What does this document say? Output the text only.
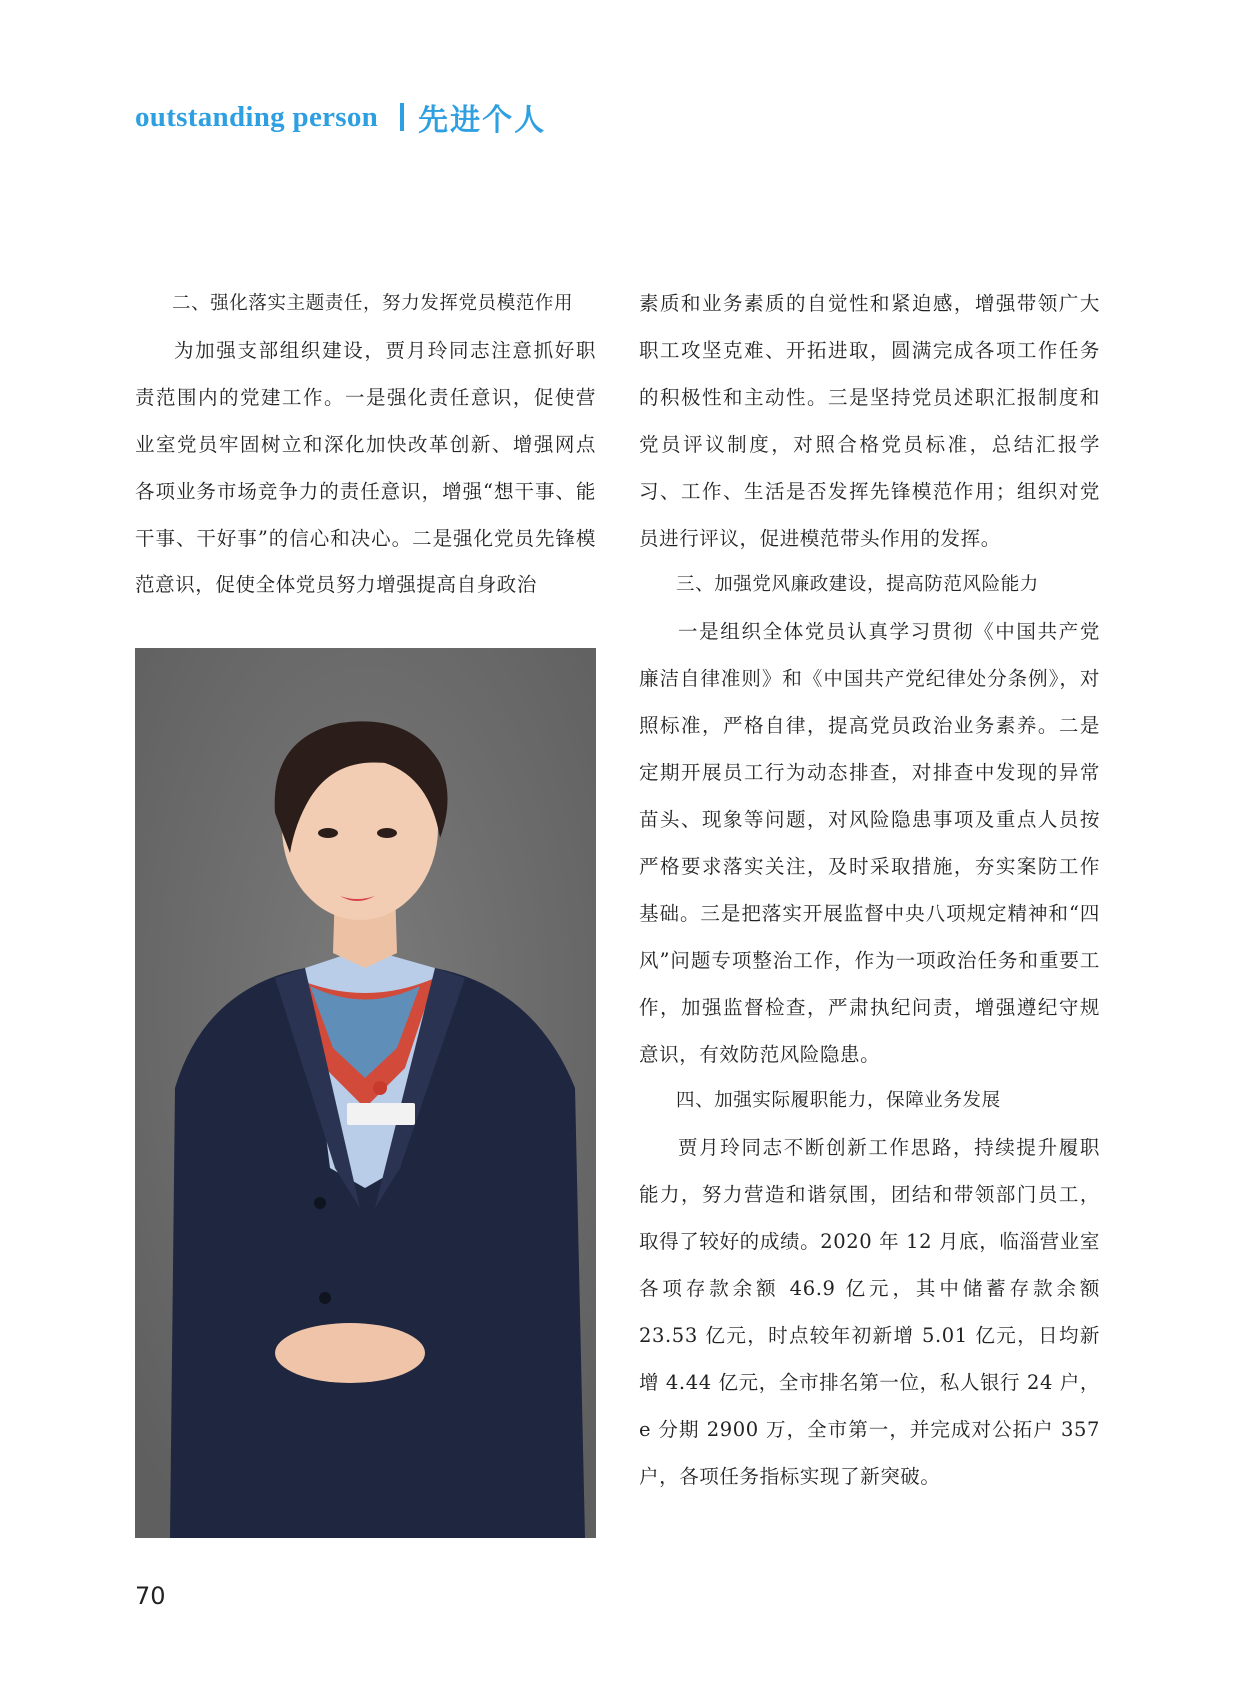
outstanding person 先进个人

二、强化落实主题责任，努力发挥党员模范作用

为加强支部组织建设，贾月玲同志注意抓好职责范围内的党建工作。一是强化责任意识，促使营业室党员牢固树立和深化加快改革创新、增强网点各项业务市场竞争力的责任意识，增强“想干事、能干事、干好事”的信心和决心。二是强化党员先锋模范意识，促使全体党员努力增强提高自身政治

素质和业务素质的自觉性和紧迫感，增强带领广大职工攻坚克难、开拓进取，圆满完成各项工作任务的积极性和主动性。三是坚持党员述职汇报制度和党员评议制度，对照合格党员标准，总结汇报学习、工作、生活是否发挥先锋模范作用；组织对党员进行评议，促进模范带头作用的发挥。

三、加强党风廉政建设，提高防范风险能力

一是组织全体党员认真学习贯彻《中国共产党廉洁自律准则》和《中国共产党纪律处分条例》，对照标准，严格自律，提高党员政治业务素养。二是定期开展员工行为动态排查，对排查中发现的异常苗头、现象等问题，对风险隐患事项及重点人员按严格要求落实关注，及时采取措施，夯实案防工作基础。三是把落实开展监督中央八项规定精神和“四风”问题专项整治工作，作为一项政治任务和重要工作，加强监督检查，严肃执纪问责，增强遵纪守规意识，有效防范风险隐患。

四、加强实际履职能力，保障业务发展

贾月玲同志不断创新工作思路，持续提升履职能力，努力营造和谐氛围，团结和带领部门员工，取得了较好的成绩。2020 年 12 月底，临淄营业室各项存款余额 46.9 亿元，其中储蓄存款余额 23.53 亿元，时点较年初新增 5.01 亿元，日均新增 4.44 亿元，全市排名第一位，私人银行 24 户，e 分期 2900 万，全市第一，并完成对公拓户 357 户，各项任务指标实现了新突破。

70
